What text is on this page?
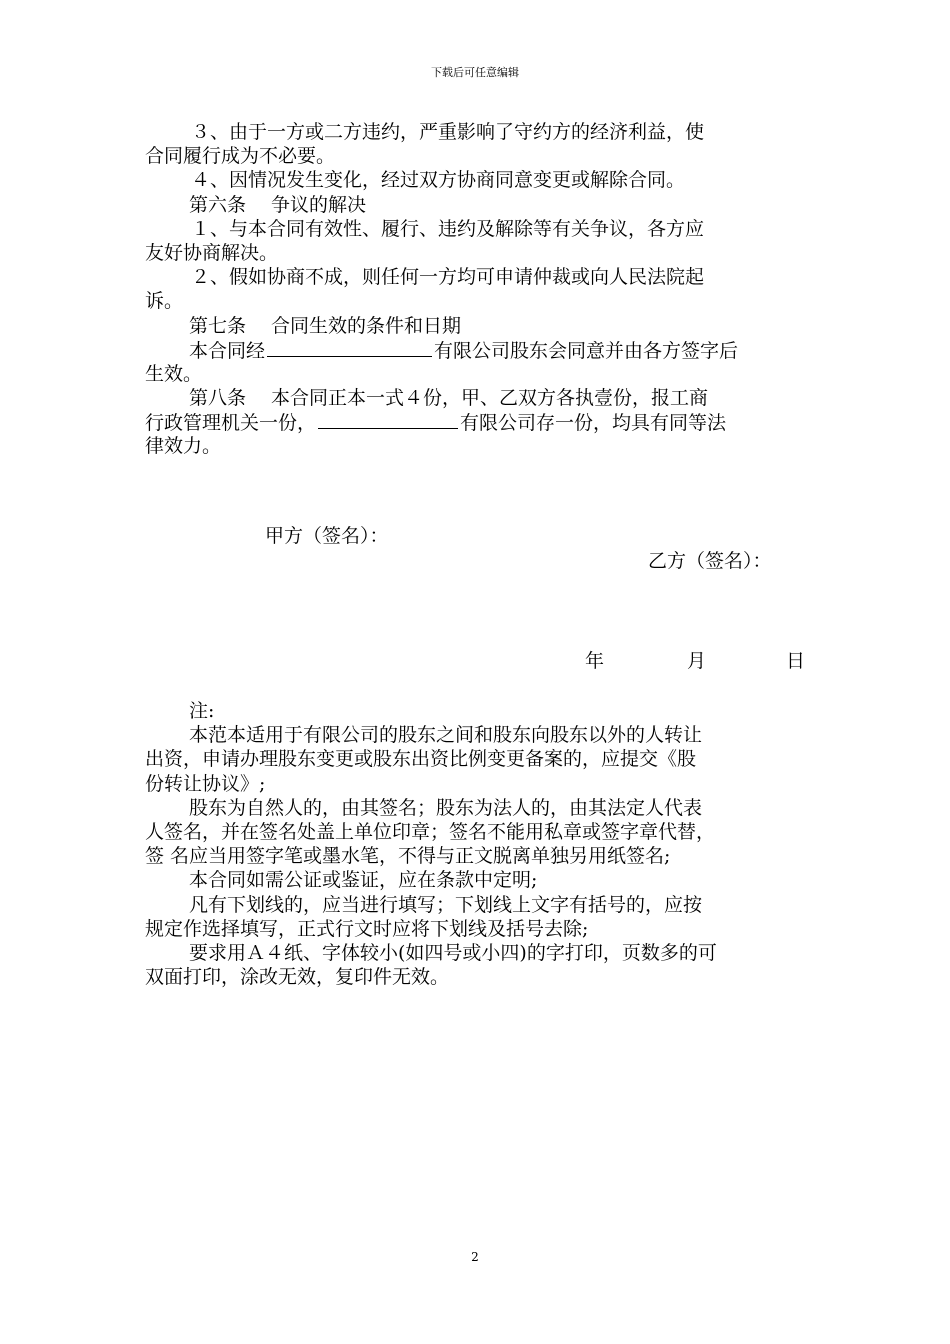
下载后可任意编辑
３、由于一方或二方违约，严重影响了守约方的经济利益，使
合同履行成为不必要。
４、因情况发生变化，经过双方协商同意变更或解除合同。
第六条　 争议的解决
１、与本合同有效性、履行、违约及解除等有关争议，各方应
友好协商解决。
２、假如协商不成，则任何一方均可申请仲裁或向人民法院起
诉。
第七条　 合同生效的条件和日期
本合同经	有限公司股东会同意并由各方签字后
生效。
第八条　 本合同正本一式４份，甲、乙双方各执壹份，报工商
行政管理机关一份，	有限公司存一份，均具有同等法
律效力。
甲方（签名）：
乙方（签名）：
年	月	日
注:
本范本适用于有限公司的股东之间和股东向股东以外的人转让
出资，申请办理股东变更或股东出资比例变更备案的，应提交《股
份转让协议》;
股东为自然人的，由其签名；股东为法人的，由其法定人代表
人签名，并在签名处盖上单位印章；签名不能用私章或签字章代替，
签 名应当用签字笔或墨水笔，不得与正文脱离单独另用纸签名;
本合同如需公证或鉴证，应在条款中定明;
凡有下划线的，应当进行填写；下划线上文字有括号的，应按
规定作选择填写，正式行文时应将下划线及括号去除;
要求用Ａ４纸、字体较小(如四号或小四)的字打印，页数多的可
双面打印，涂改无效，复印件无效。
2
